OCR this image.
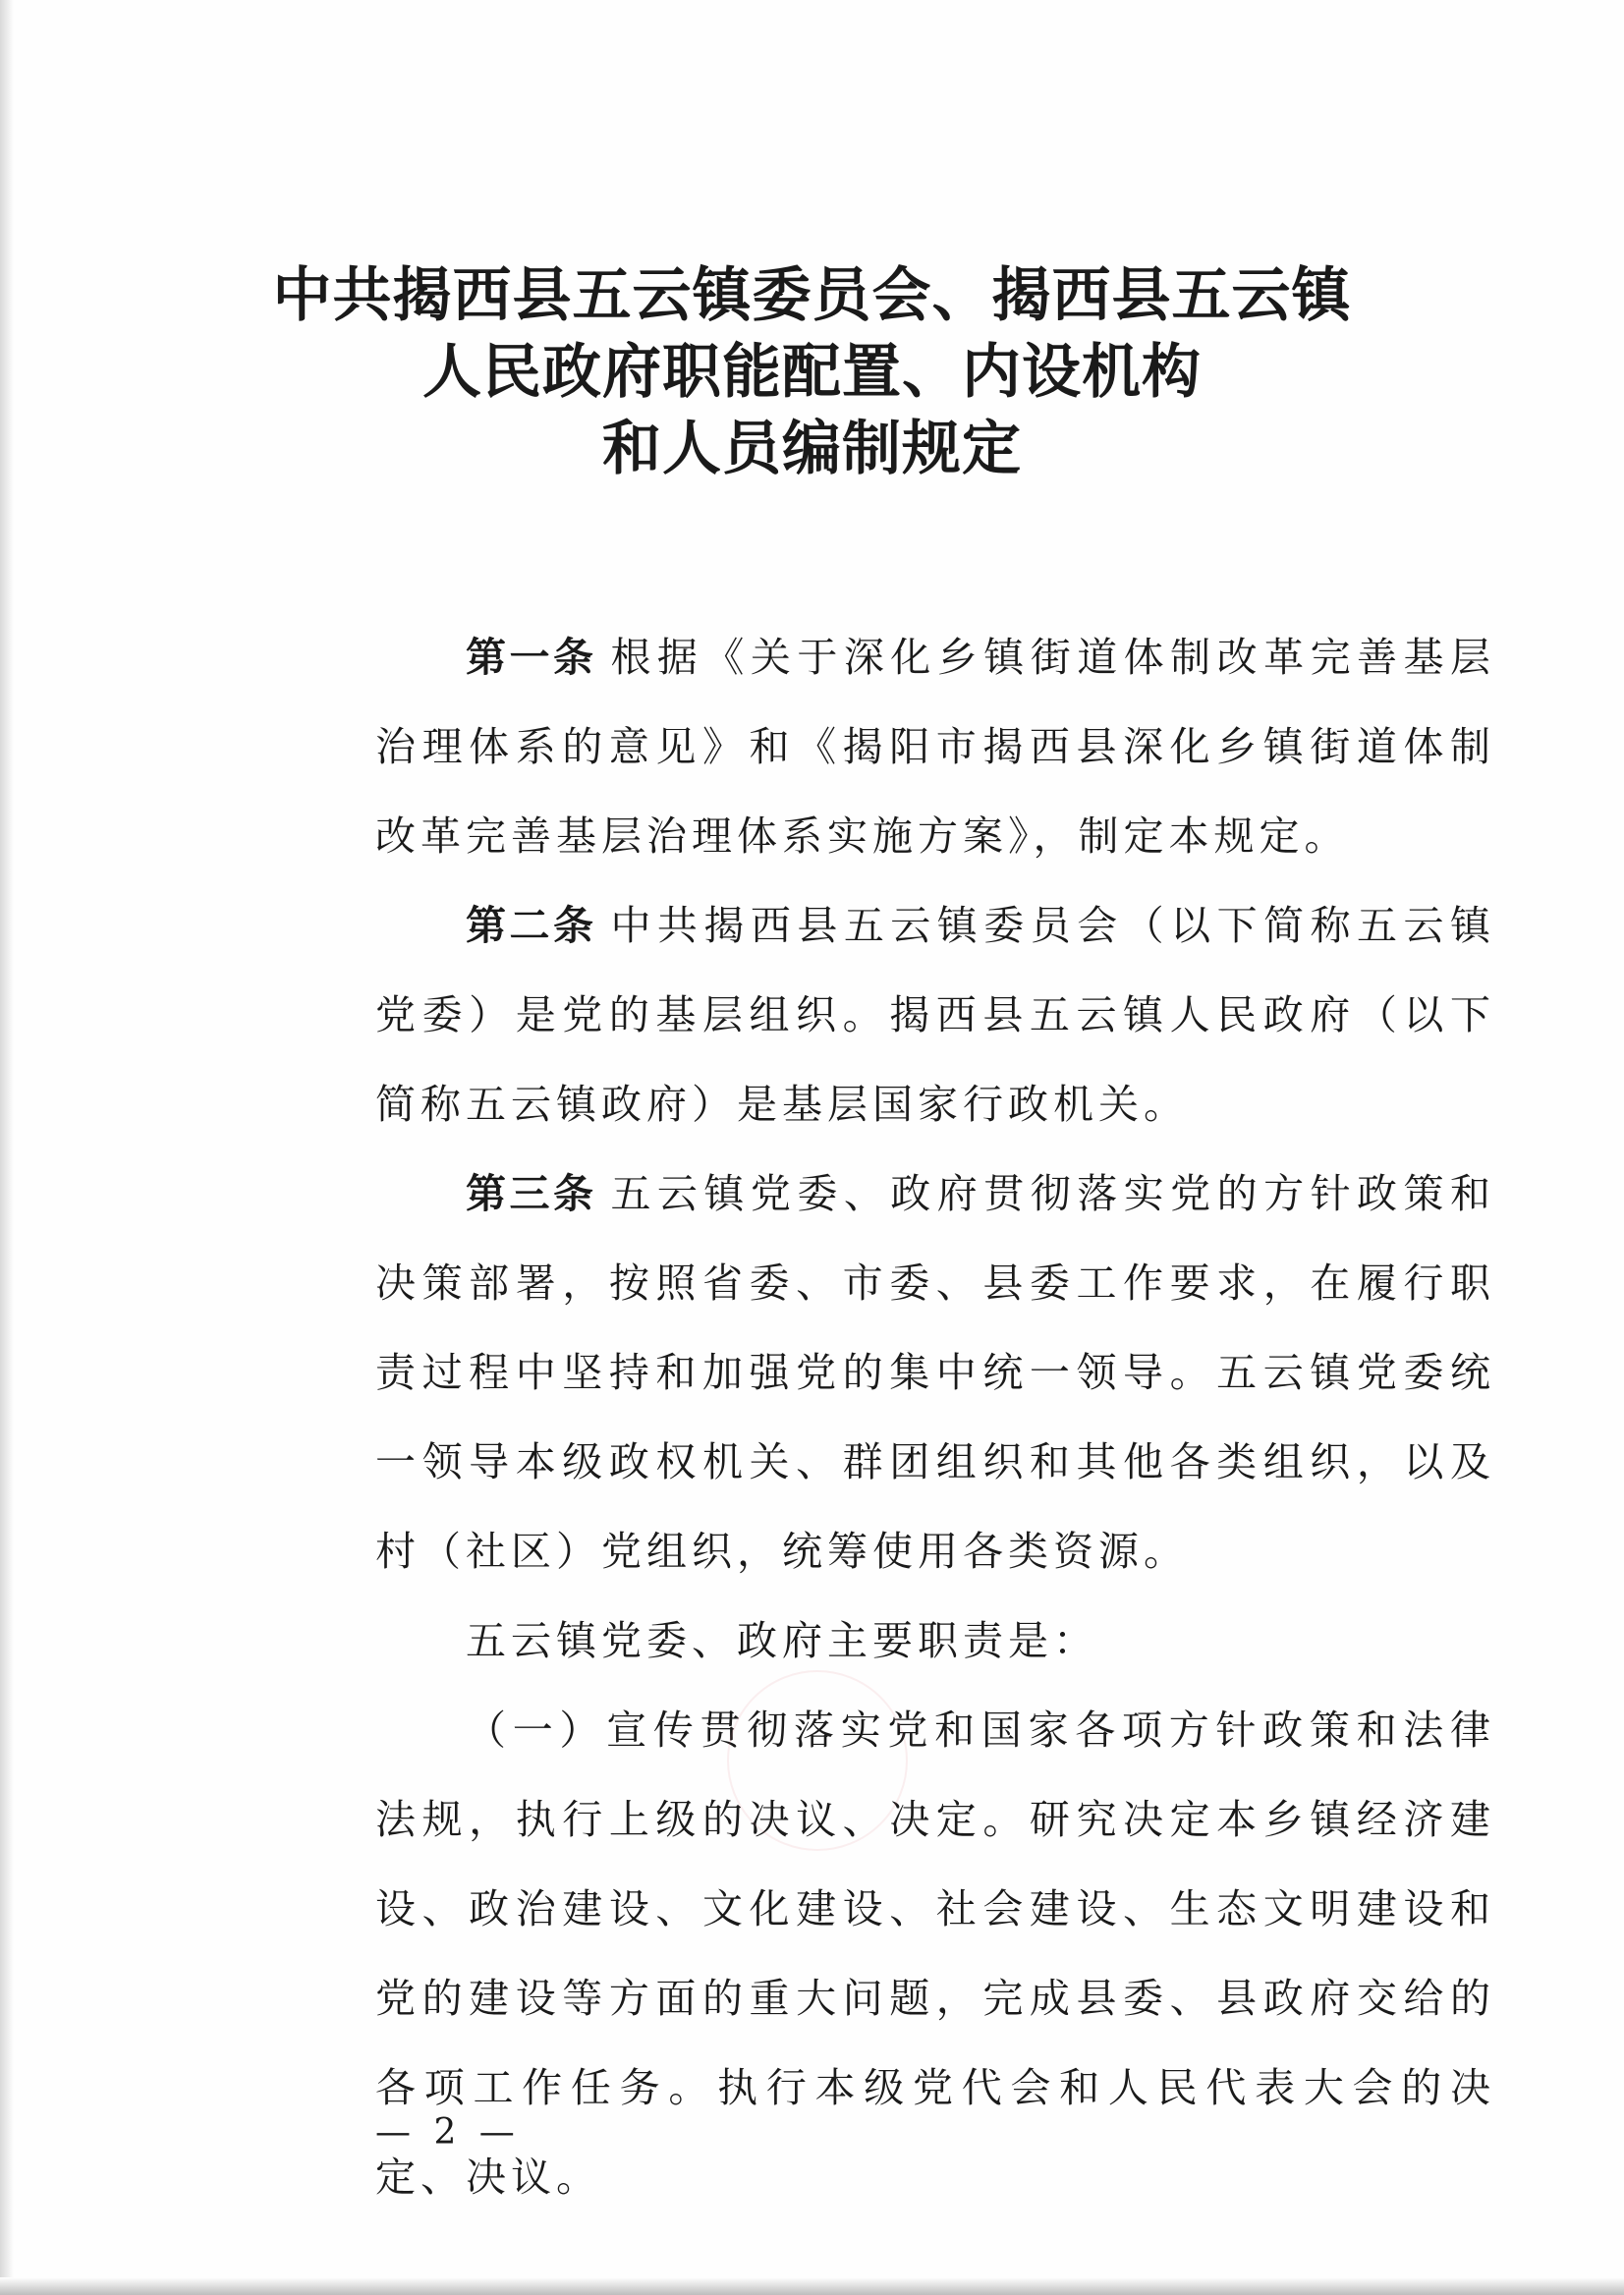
中共揭西县五云镇委员会、揭西县五云镇
人民政府职能配置、内设机构
和人员编制规定

第一条 根据《关于深化乡镇街道体制改革完善基层治理体系的意见》和《揭阳市揭西县深化乡镇街道体制改革完善基层治理体系实施方案》，制定本规定。

第二条 中共揭西县五云镇委员会（以下简称五云镇党委）是党的基层组织。揭西县五云镇人民政府（以下简称五云镇政府）是基层国家行政机关。

第三条 五云镇党委、政府贯彻落实党的方针政策和决策部署，按照省委、市委、县委工作要求，在履行职责过程中坚持和加强党的集中统一领导。五云镇党委统一领导本级政权机关、群团组织和其他各类组织，以及村（社区）党组织，统筹使用各类资源。

五云镇党委、政府主要职责是：

（一）宣传贯彻落实党和国家各项方针政策和法律法规，执行上级的决议、决定。研究决定本乡镇经济建设、政治建设、文化建设、社会建设、生态文明建设和党的建设等方面的重大问题，完成县委、县政府交给的各项工作任务。执行本级党代会和人民代表大会的决定、决议。

— 2 —
